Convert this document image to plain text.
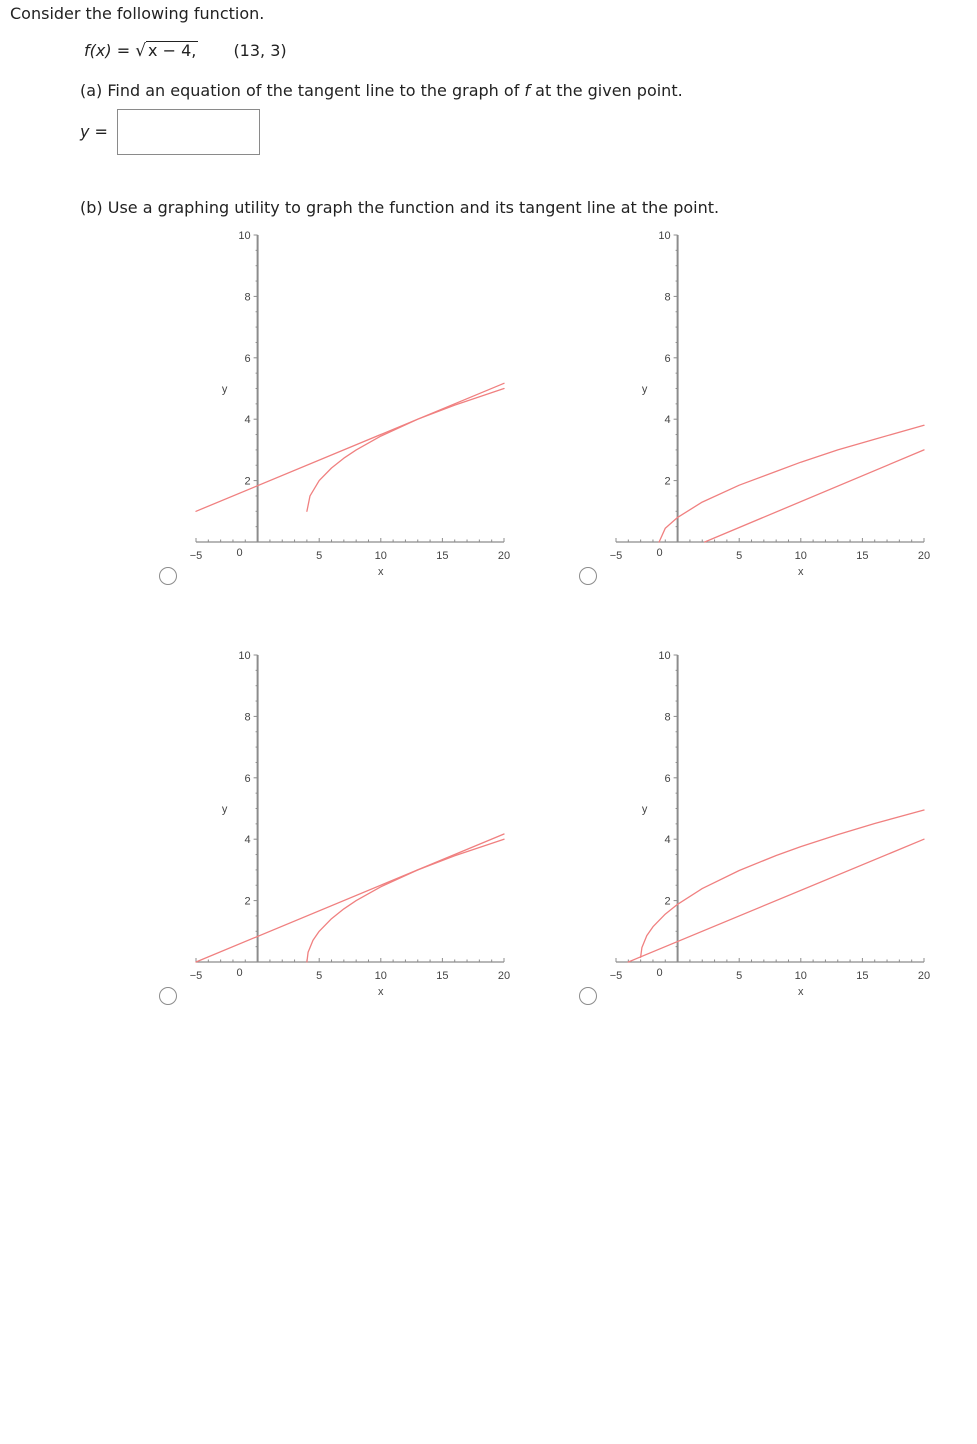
Consider the following function.
f(x) = √ x − 4, (13, 3)
(a) Find an equation of the tangent line to the graph of f at the given point.
y =
(b) Use a graphing utility to graph the function and its tangent line at the point.
−5	5	10	15	20
0
2
4
6
8
10
x
y
−5	5	10	15	20
0
2
4
6
8
10
x
y
−5	5	10	15	20
0
2
4
6
8
10
x
y
−5	5	10	15	20
0
2
4
6
8
10
x
y
